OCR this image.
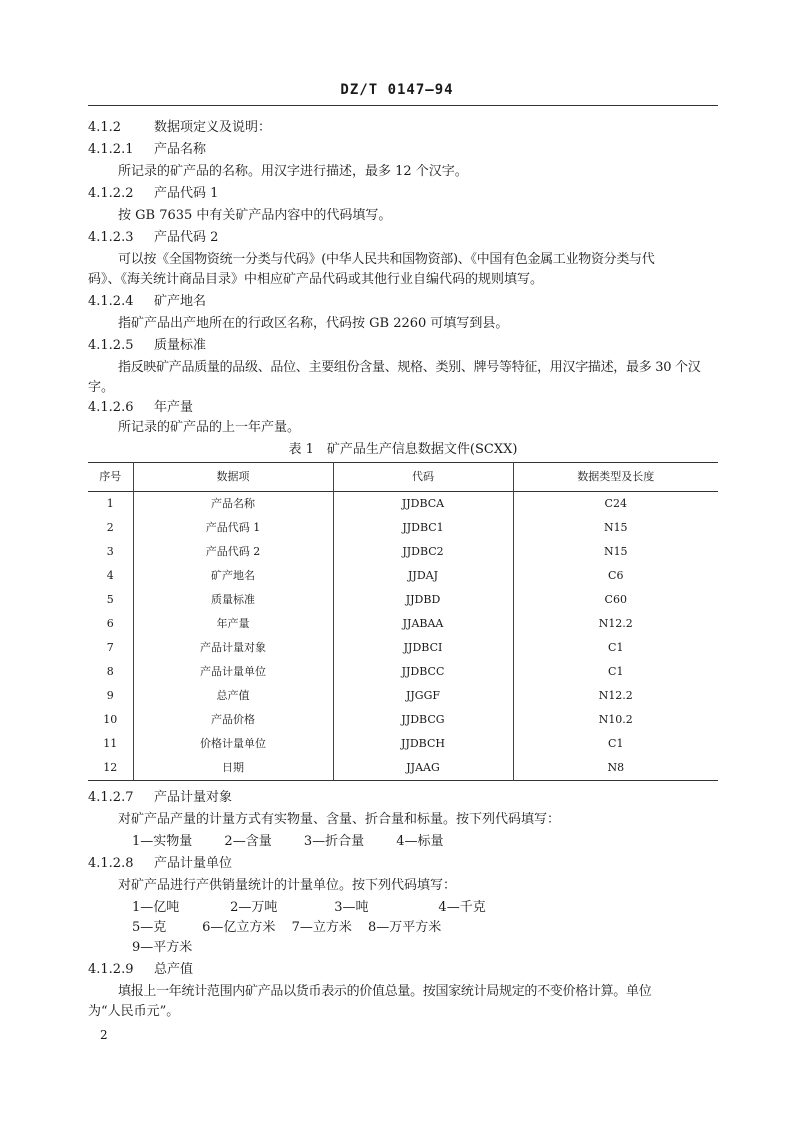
DZ/T 0147—94
4.1.2	数据项定义及说明：
4.1.2.1 产品名称
所记录的矿产品的名称。用汉字进行描述，最多 12 个汉字。
4.1.2.2 产品代码 1
按 GB 7635 中有关矿产品内容中的代码填写。
4.1.2.3 产品代码 2
可以按《全国物资统一分类与代码》(中华人民共和国物资部)、《中国有色金属工业物资分类与代
码》、《海关统计商品目录》中相应矿产品代码或其他行业自编代码的规则填写。
4.1.2.4 矿产地名
指矿产品出产地所在的行政区名称，代码按 GB 2260 可填写到县。
4.1.2.5 质量标准
指反映矿产品质量的品级、品位、主要组份含量、规格、类别、牌号等特征，用汉字描述，最多 30 个汉
字。
4.1.2.6 年产量
所记录的矿产品的上一年产量。
表 1　矿产品生产信息数据文件(SCXX)
序号	数据项	代码	数据类型及长度
1	产品名称	JJDBCA	C24
2	产品代码 1	JJDBC1	N15
3	产品代码 2	JJDBC2	N15
4	矿产地名	JJDAJ	C6
5	质量标准	JJDBD	C60
6	年产量	JJABAA	N12.2
7	产品计量对象	JJDBCI	C1
8	产品计量单位	JJDBCC	C1
9	总产值	JJGGF	N12.2
10	产品价格	JJDBCG	N10.2
11	价格计量单位	JJDBCH	C1
12	日期	JJAAG	N8
4.1.2.7 产品计量对象
对矿产品产量的计量方式有实物量、含量、折合量和标量。按下列代码填写：
1—实物量 2—含量 3—折合量 4—标量
4.1.2.8 产品计量单位
对矿产品进行产供销量统计的计量单位。按下列代码填写：
1—亿吨	2—万吨	3—吨	4—千克
5—克	6—亿立方米 7—立方米 8—万平方米
9—平方米
4.1.2.9 总产值
填报上一年统计范围内矿产品以货币表示的价值总量。按国家统计局规定的不变价格计算。单位
为“人民币元”。
2
